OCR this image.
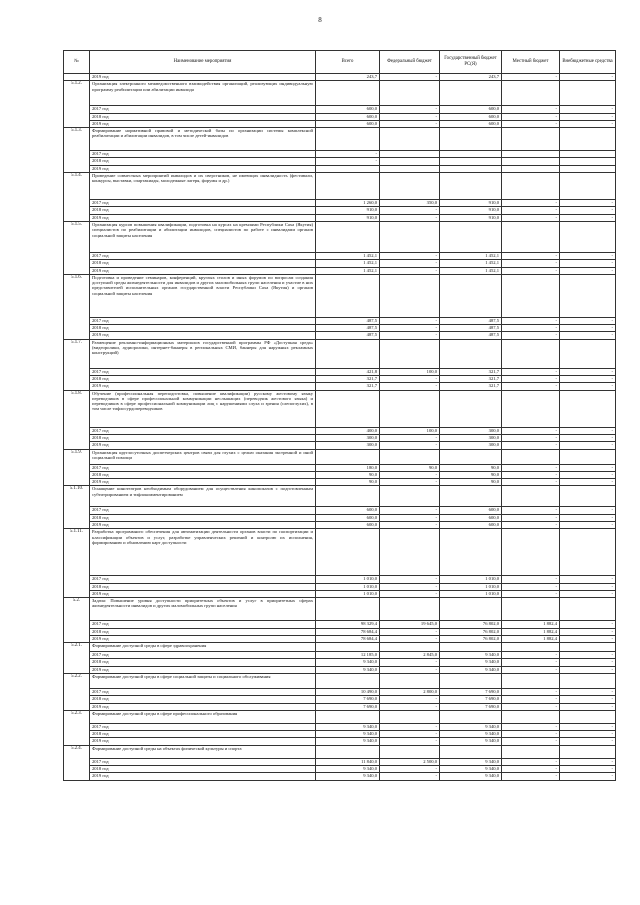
8
№	Наименование мероприятия	Всего	Федеральный бюджет	Государственный бюджет РС(Я)	Местный бюджет	Внебюджетные средства
	2019 год	243,7	-	243,7	-	-
5.1.2.	Организация электронного межведомственного взаимодействия организаций, реализующих индивидуальную программу реабилитации или абилитации инвалида					
	2017 год	600,0	-	600,0	-	-
	2018 год	600,0	-	600,0	-	-
	2019 год	600,0	-	600,0	-	-
5.1.3.	Формирование нормативной правовой и методической базы по организации системы комплексной реабилитации и абилитации инвалидов, в том числе детей-инвалидов					
	2017 год	-				
	2018 год	-				
	2019 год					
5.1.4.	Проведение совместных мероприятий инвалидов и их сверстников, не имеющих инвалидность (фестивали, конкурсы, выставки, спартакиады, молодежные лагеря, форумы и др.)					
	2017 год	1 260,0	350,0	910,0	-	-
	2018 год	910,0	-	910,0	-	-
	2019 год	910,0	-	910,0	-	-
5.1.5.	Организация курсов повышения квалификации, подготовка на курсах на кремлями Республики Саха (Якутия) специалистов по реабилитации и абилитации инвалидов, специалистов по работе с инвалидами органов социальной защиты населения					
	2017 год	1 452,1	-	1 452,1	-	-
	2018 год	1 452,1	-	1 452,1	-	-
	2019 год	1 452,1	-	1 452,1	-	-
5.1.6.	Подготовка и проведение семинаров, конференций, круглых столов и иных форумов по вопросам создания доступной среды жизнедеятельности для инвалидов и других маломобильных групп населения и участие в них представителей исполнительных органов государственной власти Республики Саха (Якутия) и органов социальной защиты населения					
	2017 год	487,5	-	487,5	-	-
	2018 год	487,5	-	487,5	-	-
	2019 год	487,5	-	487,5	-	-
5.1.7.	Размещение рекламно-информационных материалов государственной программы РФ «Доступная среда» (видеоролики, аудиоролики, интернет-баннеры в региональных СМИ, баннеры для наружных рекламных конструкций)					
	2017 год	421,8	100,0	321,7	-	-
	2018 год	321,7	-	321,7	-	-
	2019 год	321,7	-	321,7	-	-
5.1.8.	Обучение (профессиональная переподготовка, повышение квалификации) русскому жестовому языку переводчиков в сфере профессиональной коммуникации неслышащих (переводчик жестового языка) и переводчиков в сфере профессиональной коммуникации лиц с нарушениями слуха и зрения (слепоглухих), в том числе тифлосурдопереводчиков					
	2017 год	400,0	100,0	300,0	-	-
	2018 год	300,0	-	300,0	-	-
	2019 год	300,0	-	300,0	-	-
5.1.9.	Организация круглосуточных диспетчерских центров связи для глухих с целью оказания экстренной и иной социальной помощи					
	2017 год	180,0	90,0	90,0	-	-
	2018 год	90,0	-	90,0	-	-
	2019 год	90,0	-	90,0	-	-
5.1.10.	Оснащение кинотеатров необходимым оборудованием для осуществления кинопоказов с подготовленным субтитрированием и тифлокомментированием					
	2017 год	600,0	-	600,0	-	-
	2018 год	600,0	-	600,0	-	-
	2019 год	600,0	-	600,0	-	-
5.1.11.	Разработка программного обеспечения для автоматизации деятельности органов власти по паспортизации и классификации объектов и услуг, разработке управленческих решений и контролю их исполнения, формированию и обновлению карт доступности					
	2017 год	1 010,0	-	1 010,0	-	-
	2018 год	1 010,0	-	1 010,0	-	-
	2019 год	1 010,0	-	1 010,0	-	-
5.2.	Задача: Повышение уровня доступности приоритетных объектов и услуг в приоритетных сферах жизнедеятельности инвалидов и других маломобильных групп населения					
	2017 год	98 329,4	19 645,0	76 802,0	1 882,4	-
	2018 год	78 684,4	-	76 802,0	1 882,4	-
	2019 год	78 684,4	-	76 802,0	1 882,4	-
5.2.1.	Формирование доступной среды в сфере здравоохранения					
	2017 год	12 185,0	2 845,0	9 340,0	-	-
	2018 год	9 340,0	-	9 340,0	-	-
	2019 год	9 340,0	-	9 340,0	-	-
5.2.2.	Формирование доступной среды в сфере социальной защиты и социального обслуживания					
	2017 год	10 490,0	2 800,0	7 690,0	-	-
	2018 год	7 690,0	-	7 690,0	-	-
	2019 год	7 690,0	-	7 690,0	-	-
5.2.3.	Формирование доступной среды в сфере профессионального образования					
	2017 год	9 340,0	-	9 340,0	-	-
	2018 год	9 340,0	-	9 340,0	-	-
	2019 год	9 340,0	-	9 340,0	-	-
5.2.4.	Формирование доступной среды на объектах физической культуры и спорта					
	2017 год	11 840,0	2 500,0	9 340,0	-	-
	2018 год	9 340,0	-	9 340,0	-	-
	2019 год	9 340,0	-	9 340,0	-	-
